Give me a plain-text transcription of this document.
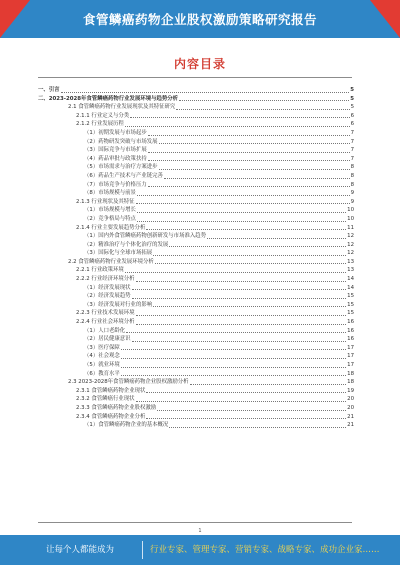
食管鳞癌药物企业股权激励策略研究报告
内容目录
一、引言	5
二、2023-2028年食管鳞癌药物行业发展环境与趋势分析	5
2.1 食管鳞癌药物行业发展现状及其特征研究	5
2.1.1 行业定义与分类	6
2.1.2 行业发展历程	6
（1）初期发展与市场起步	7
（2）药物研发突破与市场发展	7
（3）国际竞争与市场扩展	7
（4）药品审批与政策扶持	7
（5）市场需求与治疗方案进步	8
（6）药品生产技术与产业链完善	8
（7）市场竞争与价格压力	8
（8）市场规模与前景	9
2.1.3 行业现状及其特征	9
（1）市场规模与增长	10
（2）竞争格局与特点	10
2.1.4 行业主要发展趋势分析	11
（1）国内外食管鳞癌药物创新研发与市场准入趋势	12
（2）精准治疗与个体化治疗的发展	12
（3）国际化与全球市场拓展	12
2.2 食管鳞癌药物行业发展环境分析	13
2.2.1 行业政策环境	13
2.2.2 行业经济环境分析	14
（1）经济发展现状	14
（2）经济发展趋势	15
（3）经济发展对行业的影响	15
2.2.3 行业技术发展环境	15
2.2.4 行业社会环境分析	16
（1）人口老龄化	16
（2）居民健康意识	16
（3）医疗保障	17
（4）社会观念	17
（5）就业环境	17
（6）教育水平	18
2.3 2023-2028年食管鳞癌药物企业股权激励分析	18
2.3.1 食管鳞癌药物企业现状	19
2.3.2 食管鳞癌行业现状	20
2.3.3 食管鳞癌药物企业股权激励	20
2.3.4 食管鳞癌药物企业分析	21
（1）食管鳞癌药物企业的基本概况	21
1
让每个人都能成为	行业专家、管理专家、营销专家、战略专家、成功企业家……
